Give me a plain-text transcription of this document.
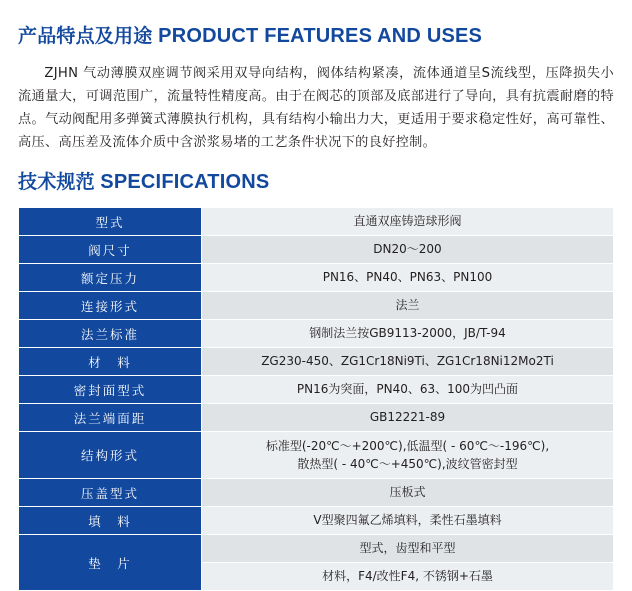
产品特点及用途 PRODUCT FEATURES AND USES

ZJHN 气动薄膜双座调节阀采用双导向结构，阀体结构紧凑，流体通道呈S流线型，压降损失小流通量大，可调范围广，流量特性精度高。由于在阀芯的顶部及底部进行了导向，具有抗震耐磨的特点。气动阀配用多弹簧式薄膜执行机构，具有结构小输出力大，更适用于要求稳定性好，高可靠性、高压、高压差及流体介质中含淤浆易堵的工艺条件状况下的良好控制。

技术规范 SPECIFICATIONS
型式	直通双座铸造球形阀
阀尺寸	DN20～200
额定压力	PN16、PN40、PN63、PN100
连接形式	法兰
法兰标准	钢制法兰按GB9113-2000，JB/T-94
材　料	ZG230-450、ZG1Cr18Ni9Ti、ZG1Cr18Ni12Mo2Ti
密封面型式	PN16为突面，PN40、63、100为凹凸面
法兰端面距	GB12221-89
结构形式	标准型(-20℃～+200℃),低温型( - 60℃～-196℃),
散热型( - 40℃～+450℃),波纹管密封型

压盖型式	压板式
填　料	V型聚四氟乙烯填料，柔性石墨填料
垫　片	型式，齿型和平型
	材料，F4/改性F4, 不锈钢+石墨
